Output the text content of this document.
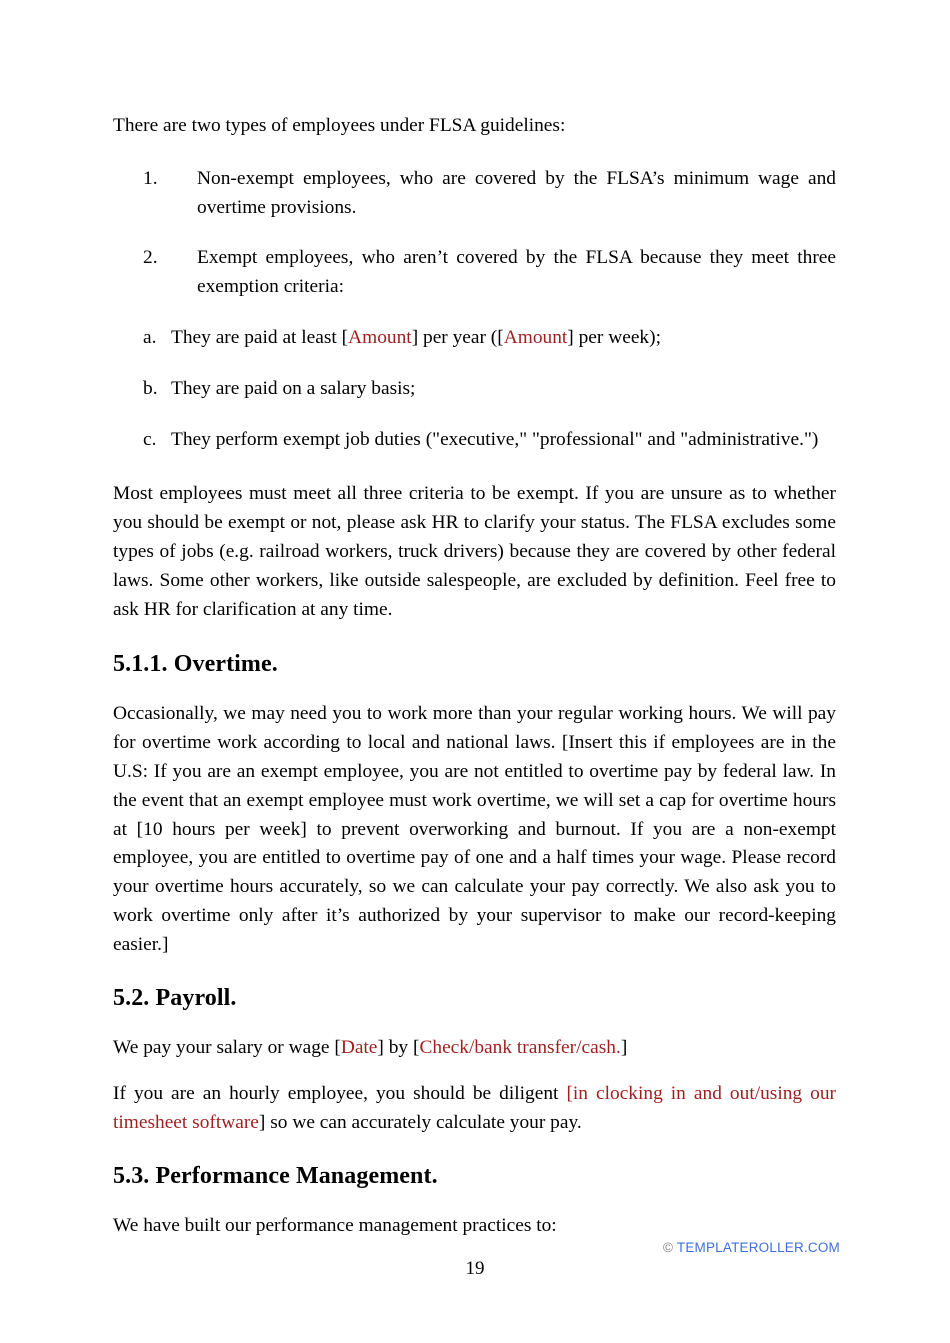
There are two types of employees under FLSA guidelines:

1.	Non-exempt employees, who are covered by the FLSA’s minimum wage and overtime provisions.
2.	Exempt employees, who aren’t covered by the FLSA because they meet three exemption criteria:
a. They are paid at least [Amount] per year ([Amount] per week);
b. They are paid on a salary basis;
c. They perform exempt job duties ("executive," "professional" and "administrative.")

Most employees must meet all three criteria to be exempt. If you are unsure as to whether you should be exempt or not, please ask HR to clarify your status. The FLSA excludes some types of jobs (e.g. railroad workers, truck drivers) because they are covered by other federal laws. Some other workers, like outside salespeople, are excluded by definition. Feel free to ask HR for clarification at any time.

5.1.1. Overtime.

Occasionally, we may need you to work more than your regular working hours. We will pay for overtime work according to local and national laws. [Insert this if employees are in the U.S: If you are an exempt employee, you are not entitled to overtime pay by federal law. In the event that an exempt employee must work overtime, we will set a cap for overtime hours at [10 hours per week] to prevent overworking and burnout. If you are a non-exempt employee, you are entitled to overtime pay of one and a half times your wage. Please record your overtime hours accurately, so we can calculate your pay correctly. We also ask you to work overtime only after it’s authorized by your supervisor to make our record-keeping easier.]

5.2. Payroll.

We pay your salary or wage [Date] by [Check/bank transfer/cash.]

If you are an hourly employee, you should be diligent [in clocking in and out/using our timesheet software] so we can accurately calculate your pay.

5.3. Performance Management.

We have built our performance management practices to:

© TEMPLATEROLLER.COM
19
